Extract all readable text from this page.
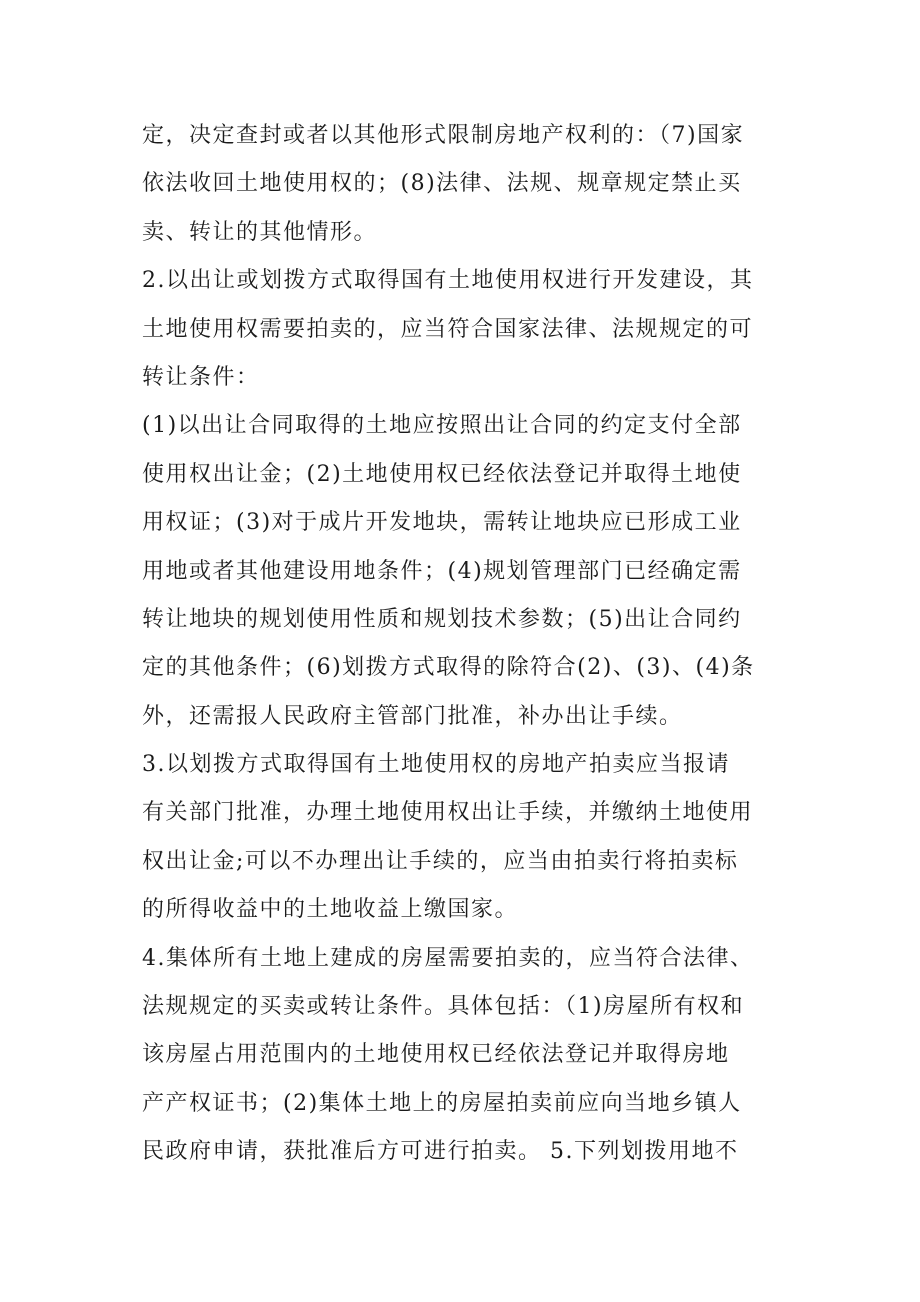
定，决定查封或者以其他形式限制房地产权利的：（7)国家
依法收回土地使用权的；(8)法律、法规、规章规定禁止买
卖、转让的其他情形。
2.以出让或划拨方式取得国有土地使用权进行开发建设，其
土地使用权需要拍卖的，应当符合国家法律、法规规定的可
转让条件：
(1)以出让合同取得的土地应按照出让合同的约定支付全部
使用权出让金；(2)土地使用权已经依法登记并取得土地使
用权证；(3)对于成片开发地块，需转让地块应已形成工业
用地或者其他建设用地条件；(4)规划管理部门已经确定需
转让地块的规划使用性质和规划技术参数；(5)出让合同约
定的其他条件；(6)划拨方式取得的除符合(2)、(3)、(4)条
外，还需报人民政府主管部门批准，补办出让手续。
3.以划拨方式取得国有土地使用权的房地产拍卖应当报请
有关部门批准，办理土地使用权出让手续，并缴纳土地使用
权出让金;可以不办理出让手续的，应当由拍卖行将拍卖标
的所得收益中的土地收益上缴国家。
4.集体所有土地上建成的房屋需要拍卖的，应当符合法律、
法规规定的买卖或转让条件。具体包括：（1)房屋所有权和
该房屋占用范围内的土地使用权已经依法登记并取得房地
产产权证书；(2)集体土地上的房屋拍卖前应向当地乡镇人
民政府申请，获批准后方可进行拍卖。 5.下列划拨用地不
